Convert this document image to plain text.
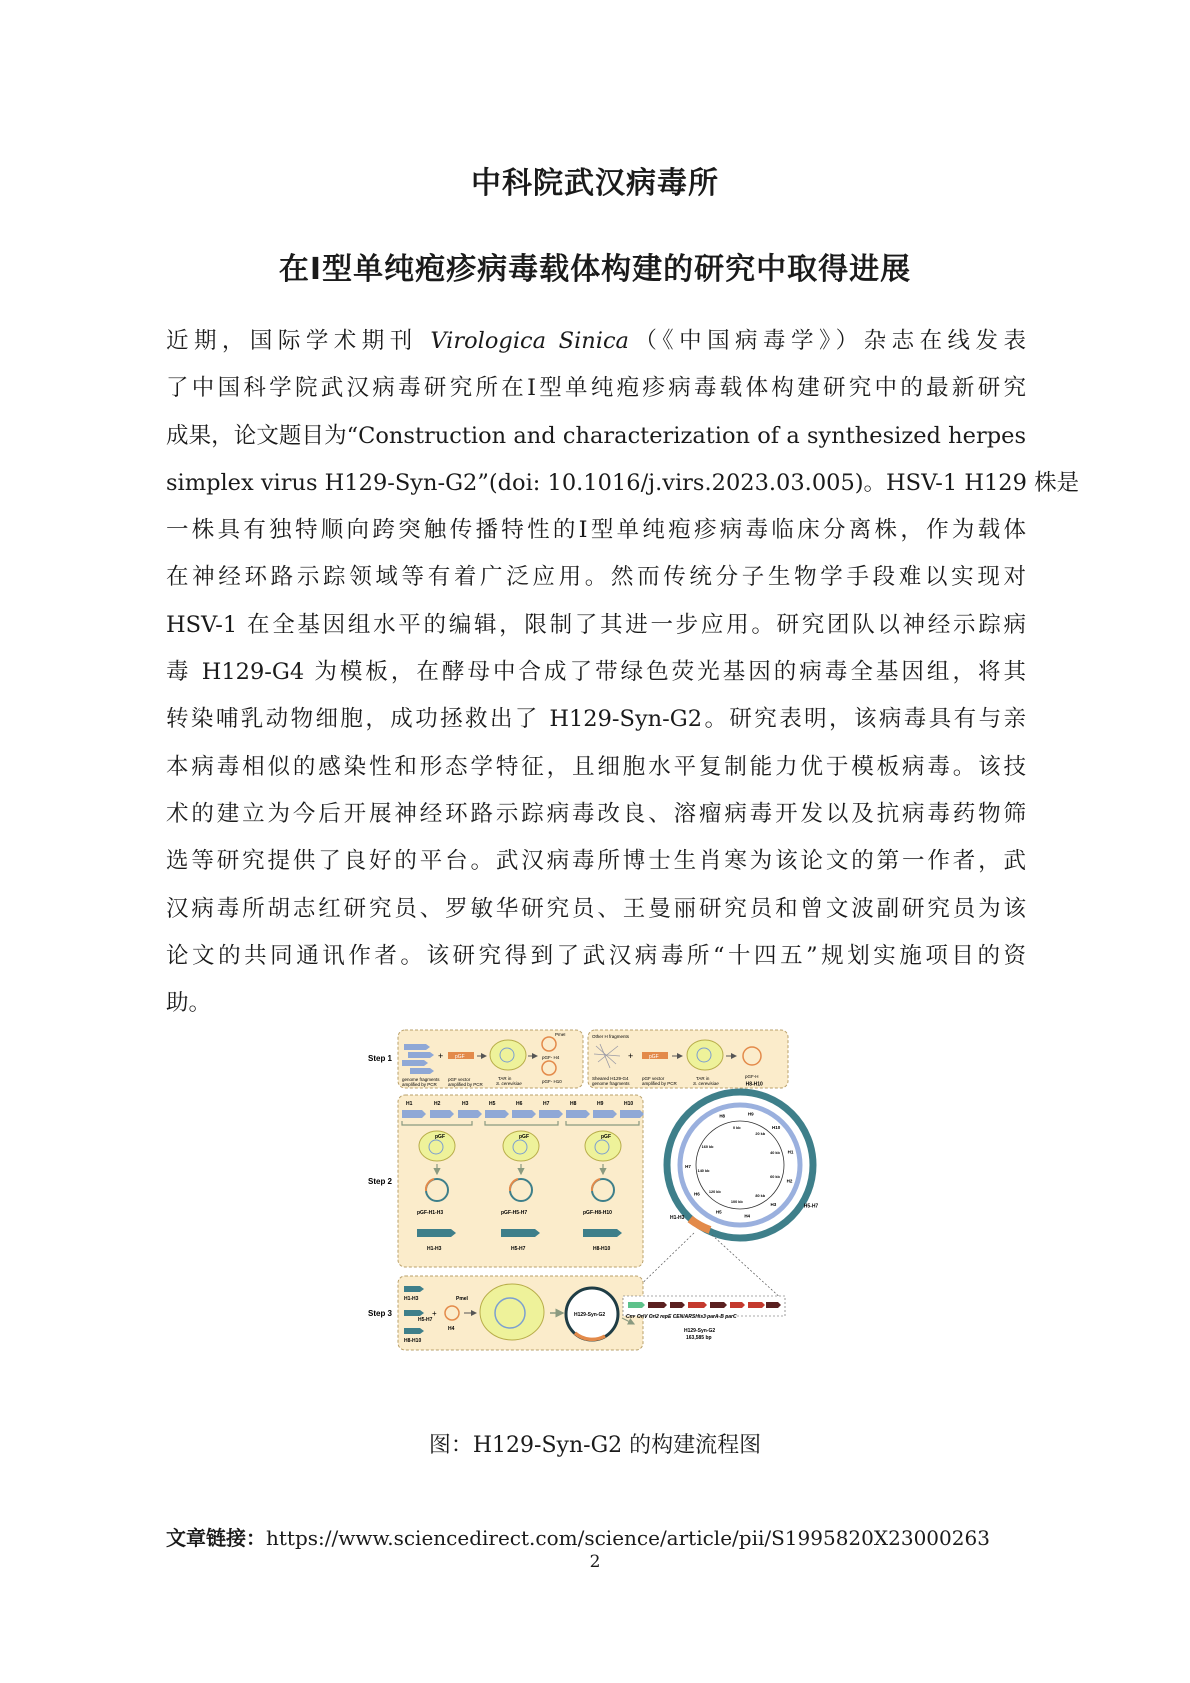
中科院武汉病毒所
在Ⅰ型单纯疱疹病毒载体构建的研究中取得进展
近期，国际学术期刊 Virologica Sinica（《中国病毒学》）杂志在线发表
了中国科学院武汉病毒研究所在Ⅰ型单纯疱疹病毒载体构建研究中的最新研究
成果，论文题目为“Construction and characterization of a synthesized herpes
simplex virus H129-Syn-G2”(doi: 10.1016/j.virs.2023.03.005)。HSV-1 H129 株是
一株具有独特顺向跨突触传播特性的Ⅰ型单纯疱疹病毒临床分离株，作为载体
在神经环路示踪领域等有着广泛应用。然而传统分子生物学手段难以实现对
HSV-1 在全基因组水平的编辑，限制了其进一步应用。研究团队以神经示踪病
毒 H129-G4 为模板，在酵母中合成了带绿色荧光基因的病毒全基因组，将其
转染哺乳动物细胞，成功拯救出了 H129-Syn-G2。研究表明，该病毒具有与亲
本病毒相似的感染性和形态学特征，且细胞水平复制能力优于模板病毒。该技
术的建立为今后开展神经环路示踪病毒改良、溶瘤病毒开发以及抗病毒药物筛
选等研究提供了良好的平台。武汉病毒所博士生肖寒为该论文的第一作者，武
汉病毒所胡志红研究员、罗敏华研究员、王曼丽研究员和曾文波副研究员为该
论文的共同通讯作者。该研究得到了武汉病毒所“十四五”规划实施项目的资
助。
Step 1
Step 2
Step 3
genome fragments
amplified by PCR
+ pGF
pGF vector
amplified by PCR
TAR in
S. cerevisiae
PmeI
pGF- H4
pGF- H10
Other H fragments
Sheared H129-G4
genome fragments
+	pGF
pGF vector
amplified by PCR
TAR in
S. cerevisiae
pGF-H
H1	H2	H3	H5	H6	H7	H8	H9	H10
pGF
pGF-H1-H3
H1-H3
pGF
pGF-H5-H7
H5-H7
pGF
pGF-H8-H10
H8-H10
H8-H10
H5-H7
H1-H3
H8	H9
H10
H1
H2
H3
H4
H5
H6
H7
0 kb
20 kb
40 kb
60 kb
80 kb
100 kb
120 kb
140 kb
160 kb
H1-H3
H5-H7
H8-H10
+
PmeI
H4
H129-Syn-G2	Cmʳ OriV Ori2 repE CEN/ARSHis3 parA-B parC
H129-Syn-G2
163,585 bp
图：H129-Syn-G2 的构建流程图
文章链接：https://www.sciencedirect.com/science/article/pii/S1995820X23000263
2
